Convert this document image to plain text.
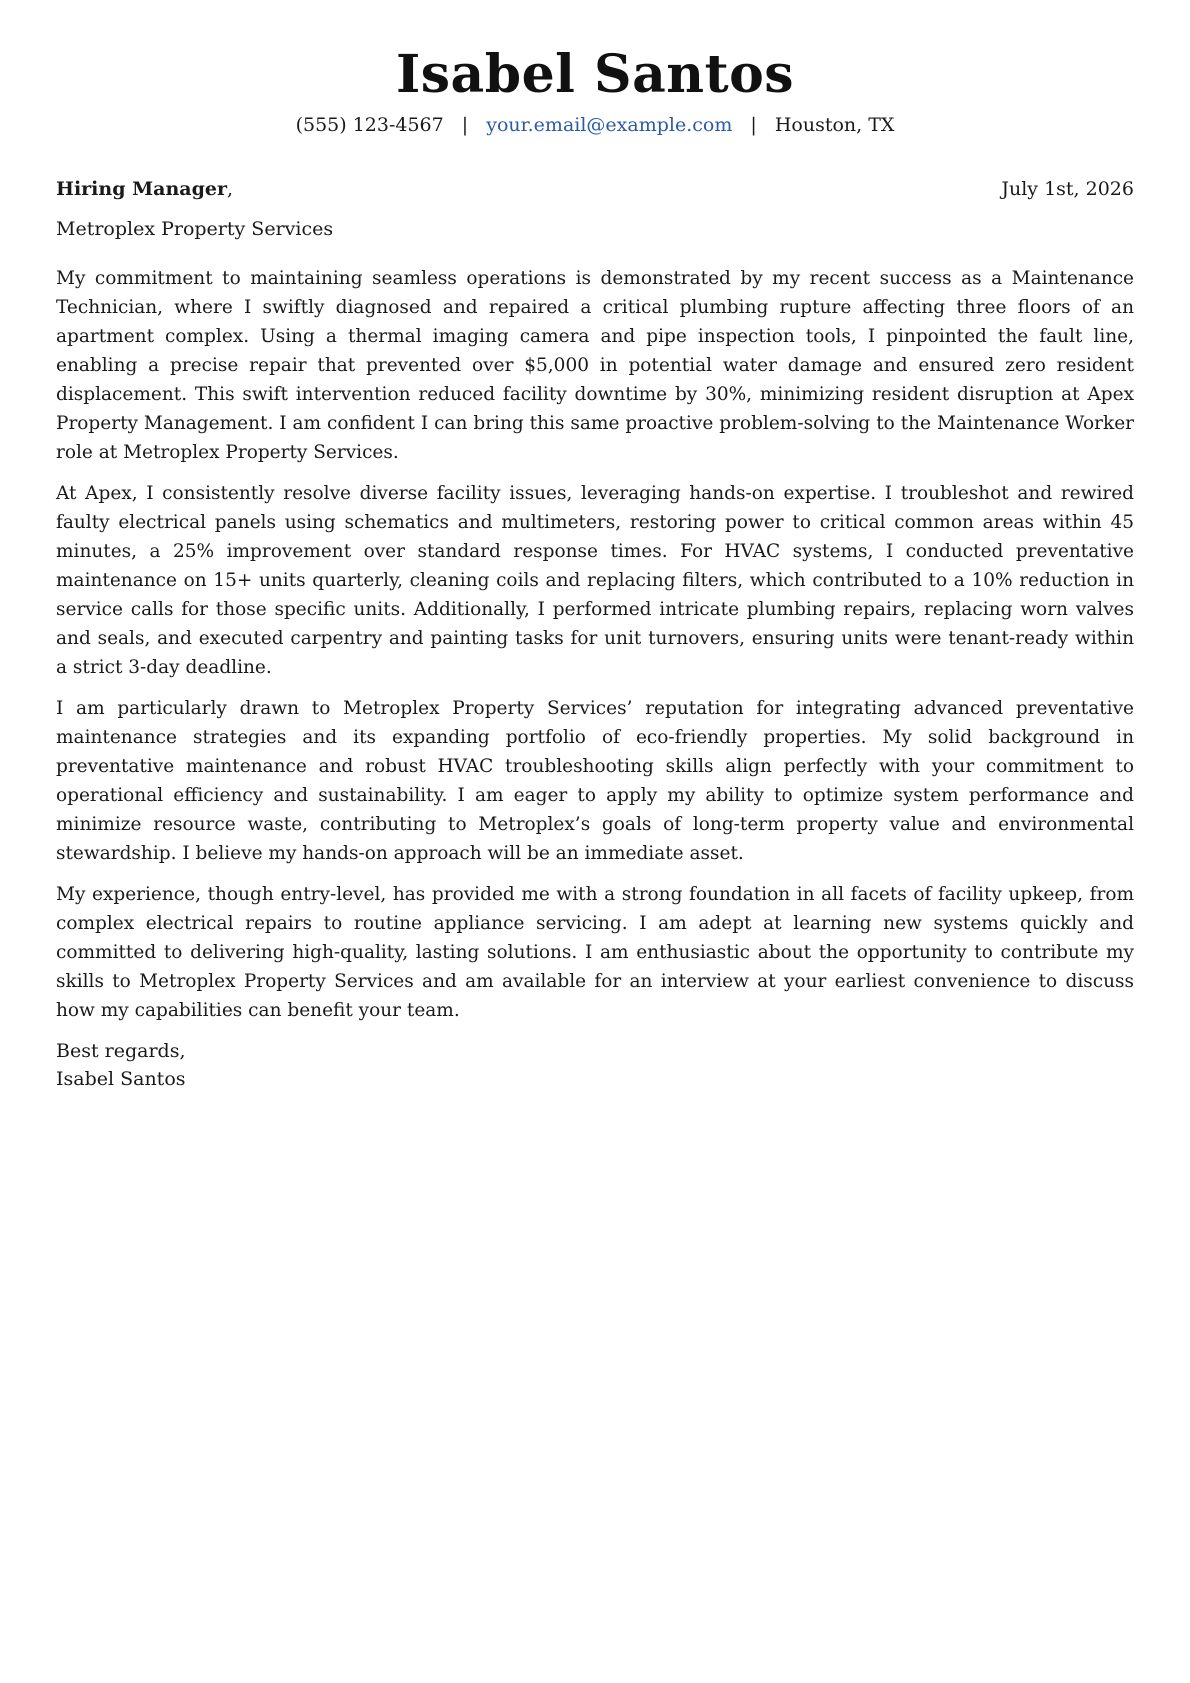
Isabel Santos
(555) 123-4567 | your.email@example.com | Houston, TX
Hiring Manager,	July 1st, 2026
Metroplex Property Services

My commitment to maintaining seamless operations is demonstrated by my recent success as a Maintenance Technician, where I swiftly diagnosed and repaired a critical plumbing rupture affecting three floors of an apartment complex. Using a thermal imaging camera and pipe inspection tools, I pinpointed the fault line, enabling a precise repair that prevented over $5,000 in potential water damage and ensured zero resident displacement. This swift intervention reduced facility downtime by 30%, minimizing resident disruption at Apex Property Management. I am confident I can bring this same proactive problem-solving to the Maintenance Worker role at Metroplex Property Services.

At Apex, I consistently resolve diverse facility issues, leveraging hands-on expertise. I troubleshot and rewired faulty electrical panels using schematics and multimeters, restoring power to critical common areas within 45 minutes, a 25% improvement over standard response times. For HVAC systems, I conducted preventative maintenance on 15+ units quarterly, cleaning coils and replacing filters, which contributed to a 10% reduction in service calls for those specific units. Additionally, I performed intricate plumbing repairs, replacing worn valves and seals, and executed carpentry and painting tasks for unit turnovers, ensuring units were tenant-ready within a strict 3-day deadline.

I am particularly drawn to Metroplex Property Services’ reputation for integrating advanced preventative maintenance strategies and its expanding portfolio of eco-friendly properties. My solid background in preventative maintenance and robust HVAC troubleshooting skills align perfectly with your commitment to operational efficiency and sustainability. I am eager to apply my ability to optimize system performance and minimize resource waste, contributing to Metroplex’s goals of long-term property value and environmental stewardship. I believe my hands-on approach will be an immediate asset.

My experience, though entry-level, has provided me with a strong foundation in all facets of facility upkeep, from complex electrical repairs to routine appliance servicing. I am adept at learning new systems quickly and committed to delivering high-quality, lasting solutions. I am enthusiastic about the opportunity to contribute my skills to Metroplex Property Services and am available for an interview at your earliest convenience to discuss how my capabilities can benefit your team.

Best regards,
Isabel Santos
